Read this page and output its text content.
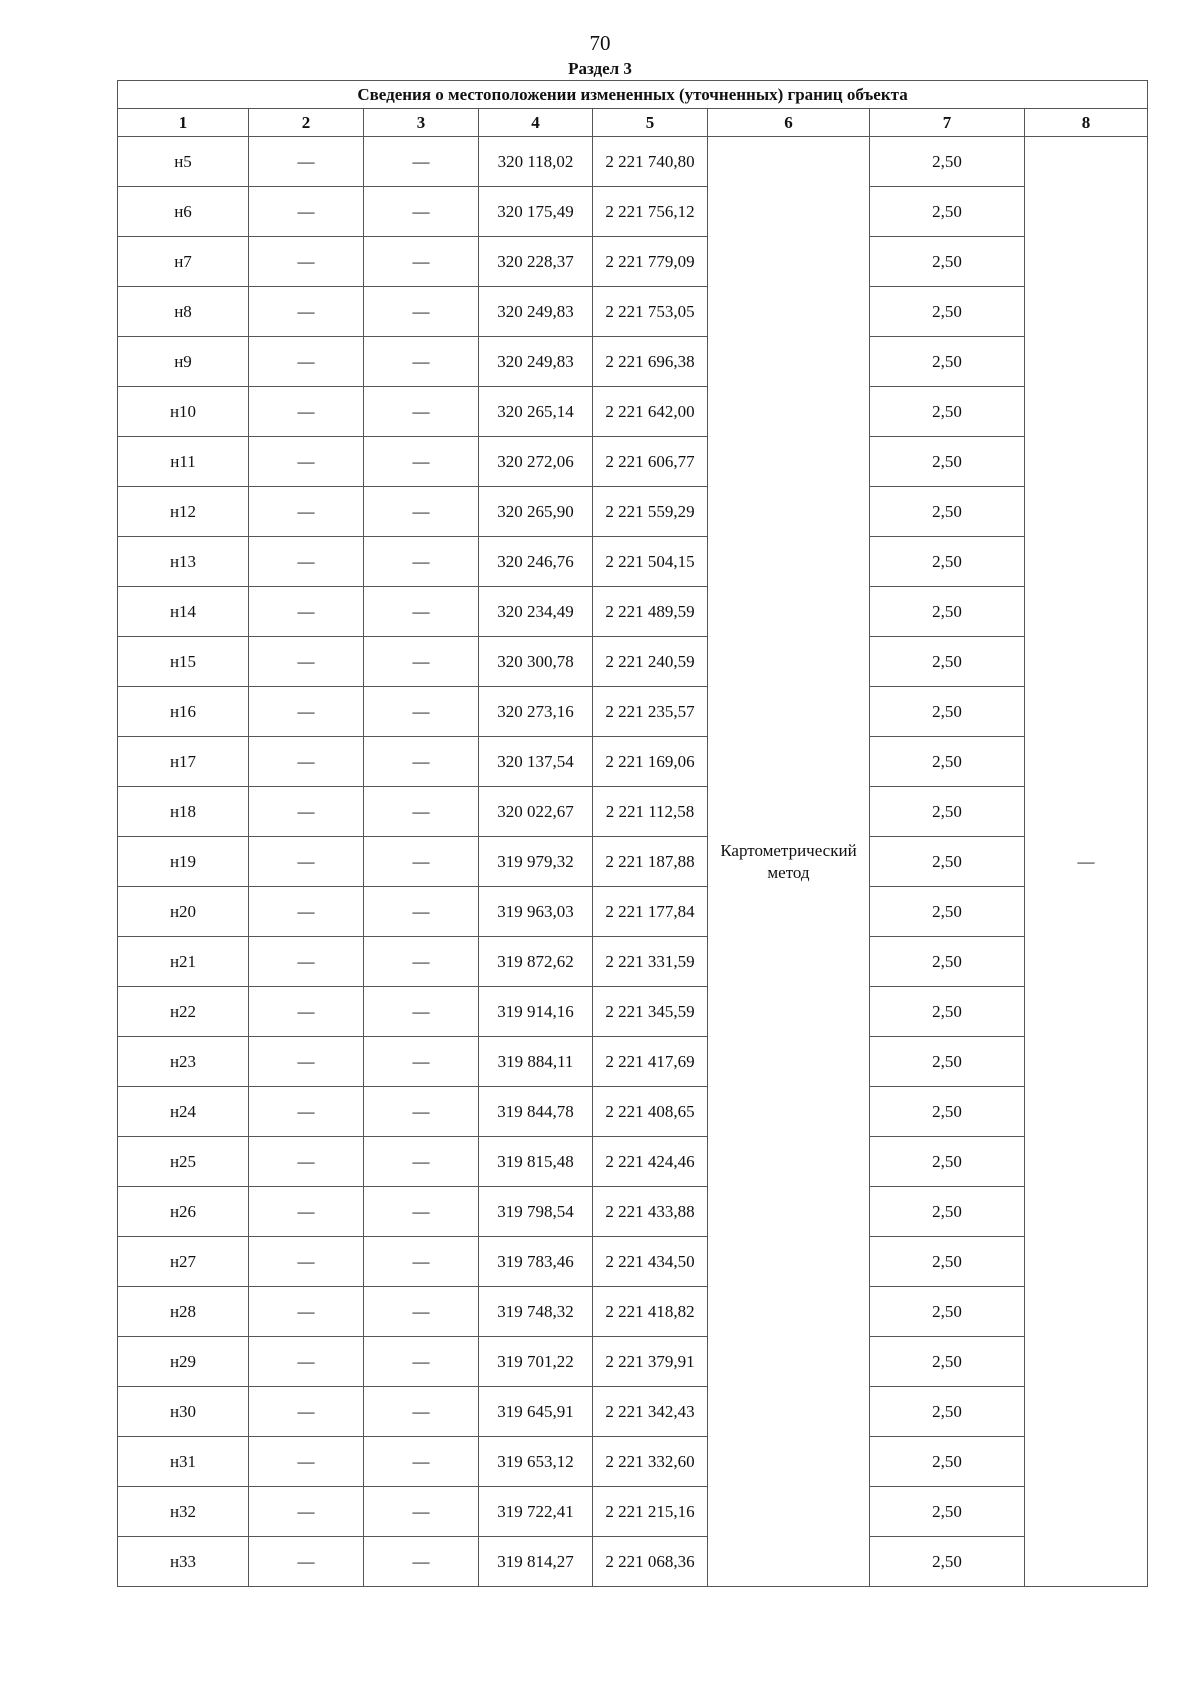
70
Раздел 3
Сведения о местоположении измененных (уточненных) границ объекта							
1	2	3	4	5	6	7	8
н5	—	—	320 118,02	2 221 740,80	Картометрический метод	2,50	—
н6	—	—	320 175,49	2 221 756,12		2,50	
н7	—	—	320 228,37	2 221 779,09		2,50	
н8	—	—	320 249,83	2 221 753,05		2,50	
н9	—	—	320 249,83	2 221 696,38		2,50	
н10	—	—	320 265,14	2 221 642,00		2,50	
н11	—	—	320 272,06	2 221 606,77		2,50	
н12	—	—	320 265,90	2 221 559,29		2,50	
н13	—	—	320 246,76	2 221 504,15		2,50	
н14	—	—	320 234,49	2 221 489,59		2,50	
н15	—	—	320 300,78	2 221 240,59		2,50	
н16	—	—	320 273,16	2 221 235,57		2,50	
н17	—	—	320 137,54	2 221 169,06		2,50	
н18	—	—	320 022,67	2 221 112,58		2,50	
н19	—	—	319 979,32	2 221 187,88		2,50	
н20	—	—	319 963,03	2 221 177,84		2,50	
н21	—	—	319 872,62	2 221 331,59		2,50	
н22	—	—	319 914,16	2 221 345,59		2,50	
н23	—	—	319 884,11	2 221 417,69		2,50	
н24	—	—	319 844,78	2 221 408,65		2,50	
н25	—	—	319 815,48	2 221 424,46		2,50	
н26	—	—	319 798,54	2 221 433,88		2,50	
н27	—	—	319 783,46	2 221 434,50		2,50	
н28	—	—	319 748,32	2 221 418,82		2,50	
н29	—	—	319 701,22	2 221 379,91		2,50	
н30	—	—	319 645,91	2 221 342,43		2,50	
н31	—	—	319 653,12	2 221 332,60		2,50	
н32	—	—	319 722,41	2 221 215,16		2,50	
н33	—	—	319 814,27	2 221 068,36		2,50	
